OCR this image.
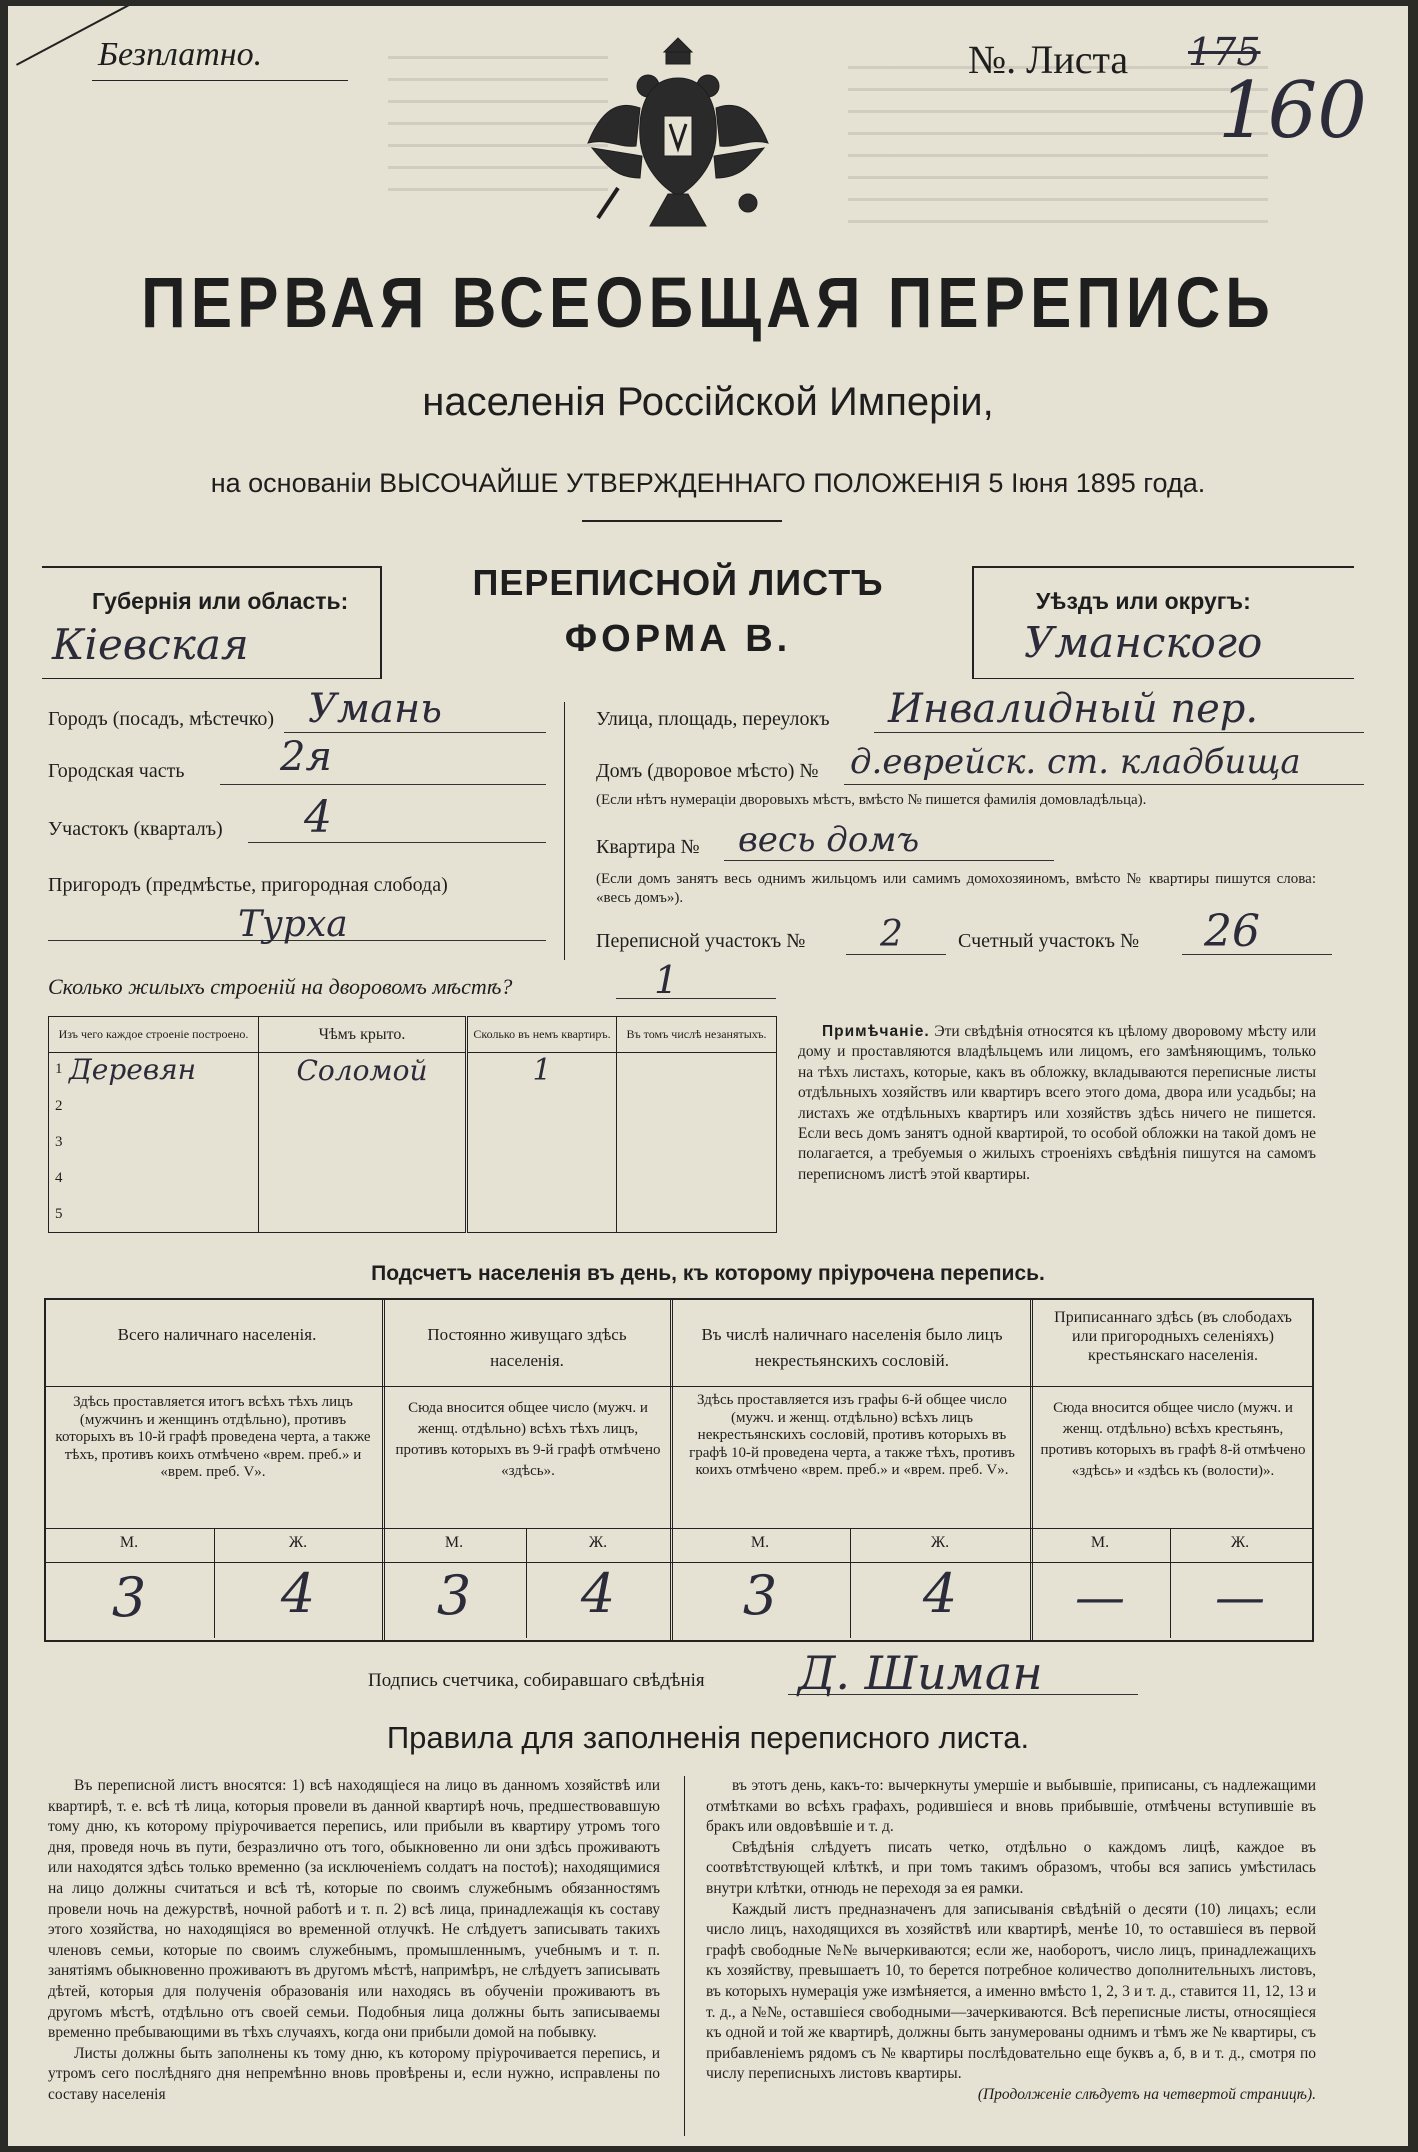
Безплатно.	№. Листа 175
160
ПЕРВАЯ ВСЕОБЩАЯ ПЕРЕПИСЬ
населенія Россійской Имперіи,
на основаніи ВЫСОЧАЙШЕ УТВЕРЖДЕННАГО ПОЛОЖЕНІЯ 5 Іюня 1895 года.
Губернія или область:
Кiевская
ПЕРЕПИСНОЙ ЛИСТЪ
ФОРМА В.
Уѣздъ или округъ:
Уманского
Городъ (посадъ, мѣстечко) Умань
Городская часть 2я
Участокъ (кварталъ) 4
Пригородъ (предмѣстье, пригородная слобода)
Турха
Улица, площадь, переулокъ Инвалидный пер.
Домъ (дворовое мѣсто) № д.еврейск. ст. кладбища
(Если нѣтъ нумераціи дворовыхъ мѣстъ, вмѣсто № пишется фамилія домовладѣльца).
Квартира № весь домъ
(Если домъ занятъ весь однимъ жильцомъ или самимъ домохозяиномъ, вмѣсто № квартиры пишутся слова: «весь домъ»).
Переписной участокъ № 2	Счетный участокъ № 26
Сколько жилыхъ строеній на дворовомъ мѣстѣ?	1
Изъ чего каждое строеніе построено.	Чѣмъ крыто.	Сколько въ немъ квартиръ.	Въ томъ числѣ незанятыхъ.

1 Деревян	Соломой	1	
2			
3			
4			
5			
Примѣчаніе. Эти свѣдѣнія относятся къ цѣлому дворовому мѣсту или дому и проставляются владѣльцемъ или лицомъ, его замѣняющимъ, только на тѣхъ листахъ, которые, какъ въ обложку, вкладываются переписные листы отдѣльныхъ хозяйствъ или квартиръ всего этого дома, двора или усадьбы; на листахъ же отдѣльныхъ квартиръ или хозяйствъ здѣсь ничего не пишется. Если весь домъ занятъ одной квартирой, то особой обложки на такой домъ не полагается, а требуемыя о жилыхъ строеніяхъ свѣдѣнія пишутся на самомъ переписномъ листѣ этой квартиры.
Подсчетъ населенія въ день, къ которому пріурочена перепись.
Всего наличнаго населенія.
Здѣсь проставляется итогъ всѣхъ тѣхъ лицъ (мужчинъ и женщинъ отдѣльно), противъ которыхъ въ 10-й графѣ проведена черта, а также тѣхъ, противъ коихъ отмѣчено «врем. преб.» и «врем. преб. V».
М.	Ж.
3	4
Постоянно живущаго здѣсь населенія.
Сюда вносится общее число (мужч. и женщ. отдѣльно) всѣхъ тѣхъ лицъ, противъ которыхъ въ 9-й графѣ отмѣчено «здѣсь».
М.	Ж.
3	4
Въ числѣ наличнаго населенія было лицъ некрестьянскихъ сословій.
Здѣсь проставляется изъ графы 6-й общее число (мужч. и женщ. отдѣльно) всѣхъ лицъ некрестьянскихъ сословій, противъ которыхъ въ графѣ 10-й проведена черта, а также тѣхъ, противъ коихъ отмѣчено «врем. преб.» и «врем. преб. V».
М.	Ж.
3	4
Приписаннаго здѣсь (въ слободахъ или пригородныхъ селеніяхъ) крестьянскаго населенія.
Сюда вносится общее число (мужч. и женщ. отдѣльно) всѣхъ крестьянъ, противъ которыхъ въ графѣ 8-й отмѣчено «здѣсь» и «здѣсь къ (волости)».
М.	Ж.
—	—
Подпись счетчика, собиравшаго свѣдѣнія Д. Шиман
Правила для заполненія переписного листа.

Въ переписной листъ вносятся: 1) всѣ находящіеся на лицо въ данномъ хозяйствѣ или квартирѣ, т. е. всѣ тѣ лица, которыя провели въ данной квартирѣ ночь, предшествовавшую тому дню, къ которому пріурочивается перепись, или прибыли въ квартиру утромъ того дня, проведя ночь въ пути, безразлично отъ того, обыкновенно ли они здѣсь проживаютъ или находятся здѣсь только временно (за исключеніемъ солдатъ на постоѣ); находящимися на лицо должны считаться и всѣ тѣ, которые по своимъ служебнымъ обязанностямъ провели ночь на дежурствѣ, ночной работѣ и т. п. 2) всѣ лица, принадлежащія къ составу этого хозяйства, но находящіяся во временной отлучкѣ. Не слѣдуетъ записывать такихъ членовъ семьи, которые по своимъ служебнымъ, промышленнымъ, учебнымъ и т. п. занятіямъ обыкновенно проживаютъ въ другомъ мѣстѣ, напримѣръ, не слѣдуетъ записывать дѣтей, которыя для полученія образованія или находясь въ обученіи проживаютъ въ другомъ мѣстѣ, отдѣльно отъ своей семьи. Подобныя лица должны быть записываемы временно пребывающими въ тѣхъ случаяхъ, когда они прибыли домой на побывку.

Листы должны быть заполнены къ тому дню, къ которому пріурочивается перепись, и утромъ сего послѣдняго дня непремѣнно вновь провѣрены и, если нужно, исправлены по составу населенія

въ этотъ день, какъ-то: вычеркнуты умершіе и выбывшіе, приписаны, съ надлежащими отмѣтками во всѣхъ графахъ, родившіеся и вновь прибывшіе, отмѣчены вступившіе въ бракъ или овдовѣвшіе и т. д.

Свѣдѣнія слѣдуетъ писать четко, отдѣльно о каждомъ лицѣ, каждое въ соотвѣтствующей клѣткѣ, и при томъ такимъ образомъ, чтобы вся запись умѣстилась внутри клѣтки, отнюдь не переходя за ея рамки.

Каждый листъ предназначенъ для записыванія свѣдѣній о десяти (10) лицахъ; если число лицъ, находящихся въ хозяйствѣ или квартирѣ, менѣе 10, то оставшіеся въ первой графѣ свободные №№ вычеркиваются; если же, наоборотъ, число лицъ, принадлежащихъ къ хозяйству, превышаетъ 10, то берется потребное количество дополнительныхъ листовъ, въ которыхъ нумерація уже измѣняется, а именно вмѣсто 1, 2, 3 и т. д., ставится 11, 12, 13 и т. д., а №№, оставшіеся свободными—зачеркиваются. Всѣ переписные листы, относящіеся къ одной и той же квартирѣ, должны быть занумерованы однимъ и тѣмъ же № квартиры, съ прибавленіемъ рядомъ съ № квартиры послѣдовательно еще буквъ а, б, в и т. д., смотря по числу переписныхъ листовъ квартиры.

(Продолженіе слѣдуетъ на четвертой страницѣ).
